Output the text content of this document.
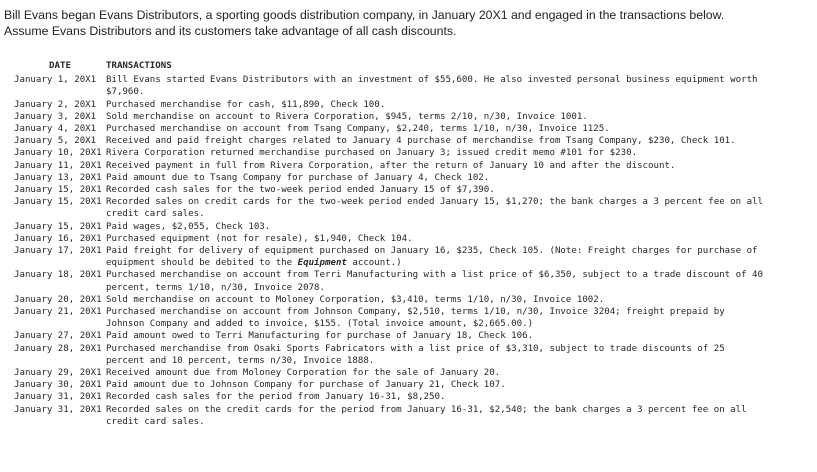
Bill Evans began Evans Distributors, a sporting goods distribution company, in January 20X1 and engaged in the transactions below.

Assume Evans Distributors and its customers take advantage of all cash discounts.

DATE	TRANSACTIONS
January 1, 20X1	Bill Evans started Evans Distributors with an investment of $55,600. He also invested personal business equipment worth $7,960.
January 2, 20X1	Purchased merchandise for cash, $11,890, Check 100.
January 3, 20X1	Sold merchandise on account to Rivera Corporation, $945, terms 2/10, n/30, Invoice 1001.
January 4, 20X1	Purchased merchandise on account from Tsang Company, $2,240, terms 1/10, n/30, Invoice 1125.
January 5, 20X1	Received and paid freight charges related to January 4 purchase of merchandise from Tsang Company, $230, Check 101.
January 10, 20X1	Rivera Corporation returned merchandise purchased on January 3; issued credit memo #101 for $230.
January 11, 20X1	Received payment in full from Rivera Corporation, after the return of January 10 and after the discount.
January 13, 20X1	Paid amount due to Tsang Company for purchase of January 4, Check 102.
January 15, 20X1	Recorded cash sales for the two-week period ended January 15 of $7,390.
January 15, 20X1	Recorded sales on credit cards for the two-week period ended January 15, $1,270; the bank charges a 3 percent fee on all credit card sales.
January 15, 20X1	Paid wages, $2,055, Check 103.
January 16, 20X1	Purchased equipment (not for resale), $1,940, Check 104.
January 17, 20X1	Paid freight for delivery of equipment purchased on January 16, $235, Check 105. (Note: Freight charges for purchase of equipment should be debited to the Equipment account.)
January 18, 20X1	Purchased merchandise on account from Terri Manufacturing with a list price of $6,350, subject to a trade discount of 40 percent, terms 1/10, n/30, Invoice 2078.
January 20, 20X1	Sold merchandise on account to Moloney Corporation, $3,410, terms 1/10, n/30, Invoice 1002.
January 21, 20X1	Purchased merchandise on account from Johnson Company, $2,510, terms 1/10, n/30, Invoice 3204; freight prepaid by Johnson Company and added to invoice, $155. (Total invoice amount, $2,665.00.)
January 27, 20X1	Paid amount owed to Terri Manufacturing for purchase of January 18, Check 106.
January 28, 20X1	Purchased merchandise from Osaki Sports Fabricators with a list price of $3,310, subject to trade discounts of 25 percent and 10 percent, terms n/30, Invoice 1888.
January 29, 20X1	Received amount due from Moloney Corporation for the sale of January 20.
January 30, 20X1	Paid amount due to Johnson Company for purchase of January 21, Check 107.
January 31, 20X1	Recorded cash sales for the period from January 16-31, $8,250.
January 31, 20X1	Recorded sales on the credit cards for the period from January 16-31, $2,540; the bank charges a 3 percent fee on all credit card sales.
